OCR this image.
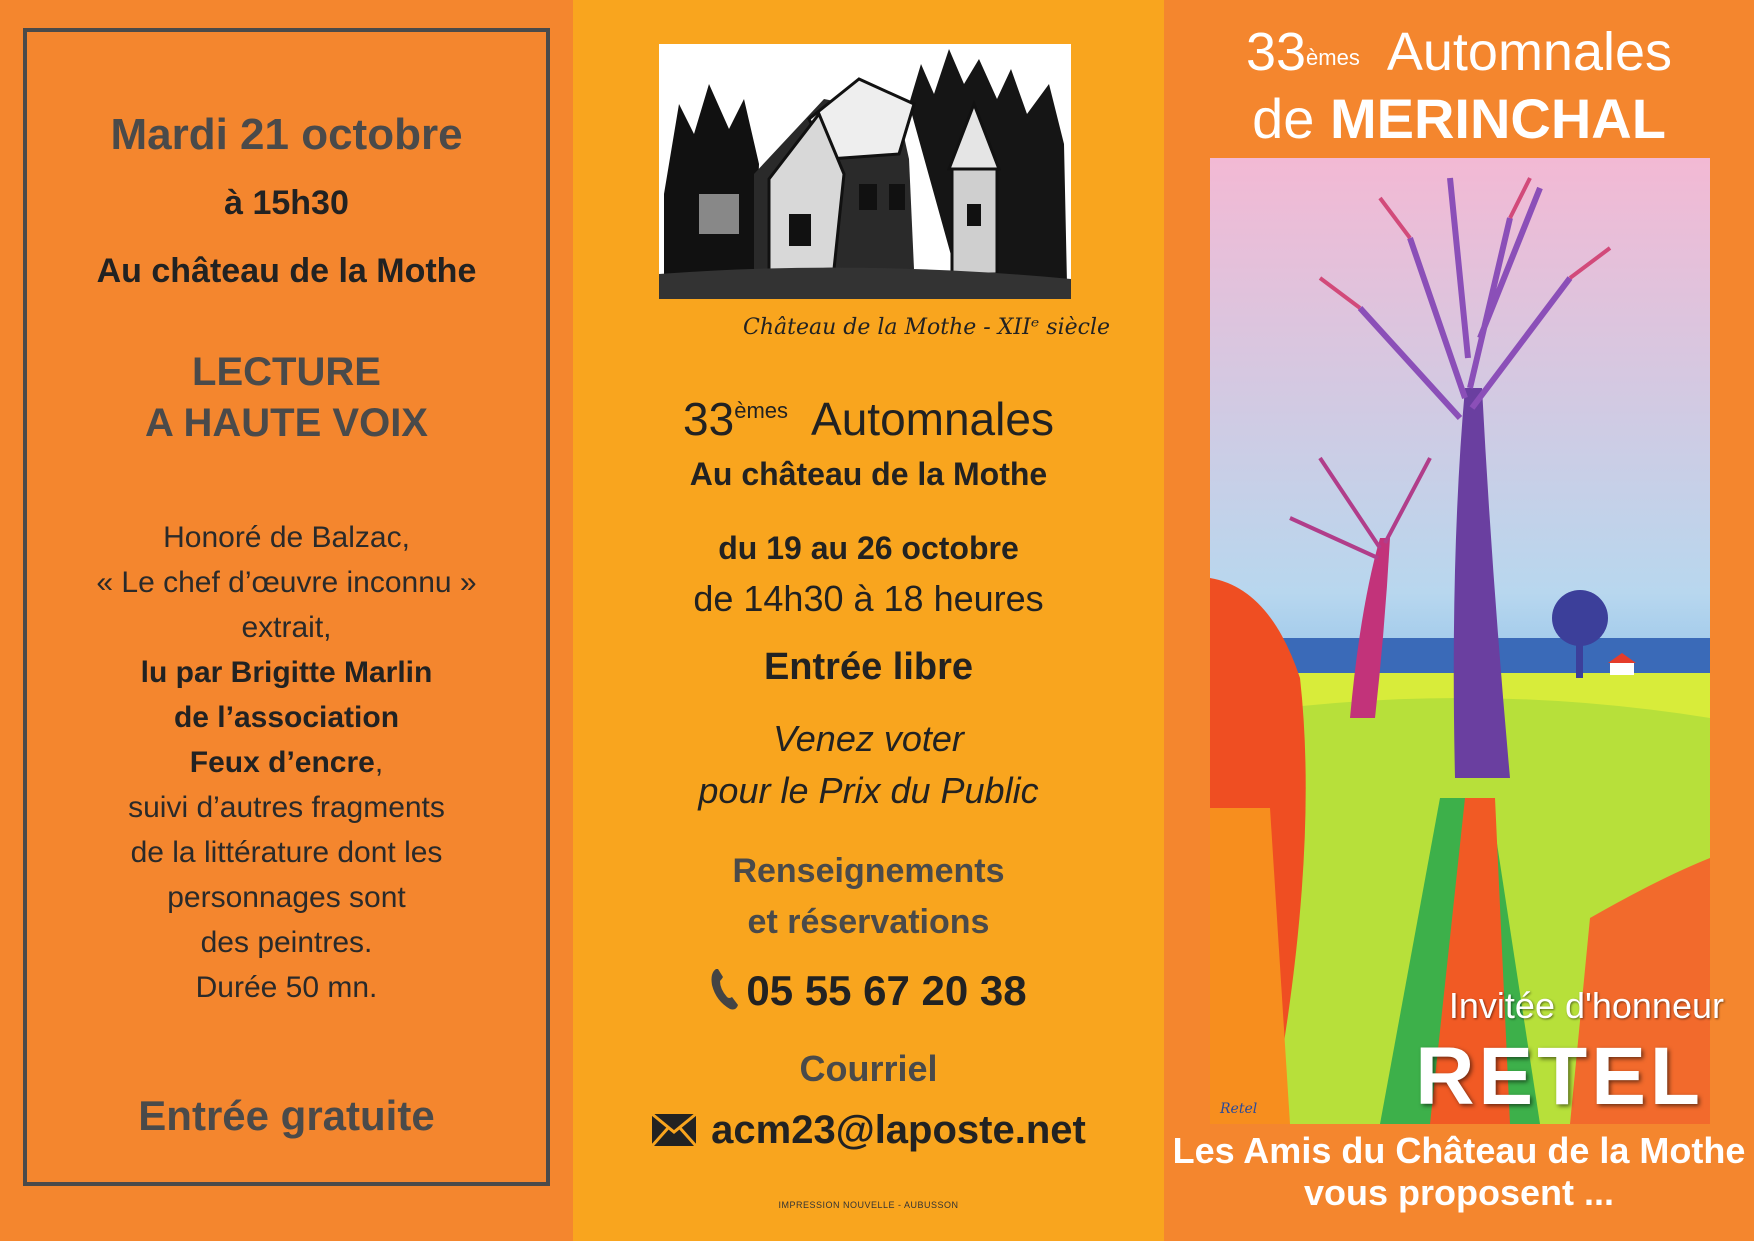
Mardi 21 octobre
à 15h30
Au château de la Mothe
LECTURE
A HAUTE VOIX
Honoré de Balzac,
« Le chef d’œuvre inconnu »
extrait,
lu par Brigitte Marlin
de l’association
Feux d’encre,
suivi d’autres fragments
de la littérature dont les
personnages sont
des peintres.
Durée 50 mn.
Entrée gratuite
Château de la Mothe - XIIᵉ siècle
33èmes Automnales
Au château de la Mothe
du 19 au 26 octobre
de 14h30 à 18 heures
Entrée libre
Venez voter
pour le Prix du Public
Renseignements
et réservations
05 55 67 20 38
Courriel
acm23@laposte.net
IMPRESSION NOUVELLE - AUBUSSON
33èmes Automnales
de MERINCHAL
Retel
Invitée d'honneur
RETEL
Les Amis du Château de la Mothe
vous proposent ...
